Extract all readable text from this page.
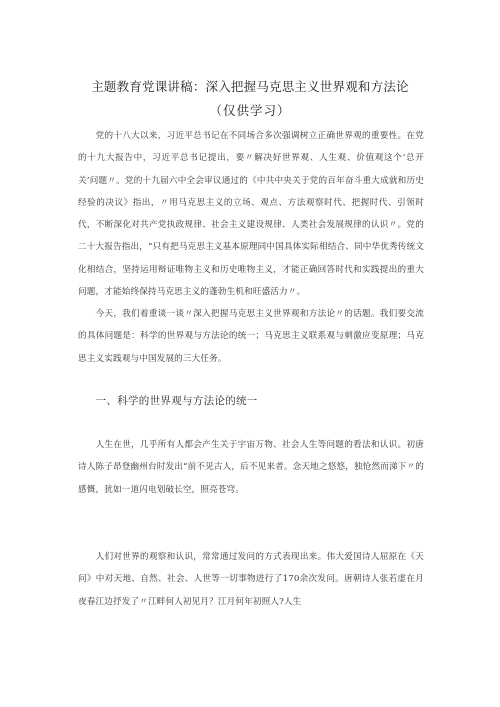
主题教育党课讲稿：深入把握马克思主义世界观和方法论
（仅供学习）

党的十八大以来，习近平总书记在不同场合多次强调树立正确世界观的重要性。在党的十九大报告中，习近平总书记提出，要〃解决好世界观、人生观、价值观这个‘总开关’问题〃。党的十九届六中全会审议通过的《中共中央关于党的百年奋斗重大成就和历史经验的决议》指出，〃用马克思主义的立场、观点、方法观察时代、把握时代、引领时代，不断深化对共产党执政规律、社会主义建设规律、人类社会发展规律的认识〃。党的二十大报告指出，“只有把马克思主义基本原理同中国具体实际相结合、同中华优秀传统文化相结合，坚持运用辩证唯物主义和历史唯物主义，才能正确回答时代和实践提出的重大问题，才能始终保持马克思主义的蓬勃生机和旺盛活力〃。

今天，我们着重谈一谈〃深入把握马克思主义世界观和方法论〃的话题。我们要交流的具体问题是：科学的世界观与方法论的统一；马克思主义联系观与刺激应变原理；马克思主义实践观与中国发展的三大任务。

一、科学的世界观与方法论的统一

人生在世，几乎所有人都会产生关于宇宙万物、社会人生等问题的看法和认识。初唐诗人陈子昂登幽州台时发出“前不见古人，后不见来者。念天地之悠悠，独怆然而涕下〃的感慨，犹如一道闪电划破长空，照亮苍穹。

人们对世界的观察和认识，常常通过发问的方式表现出来。伟大爱国诗人屈原在《天问》中对天地、自然、社会、人世等一切事物进行了170余次发问。唐朝诗人张若虚在月夜春江边抒发了〃江畔何人初见月？江月何年初照人?人生
